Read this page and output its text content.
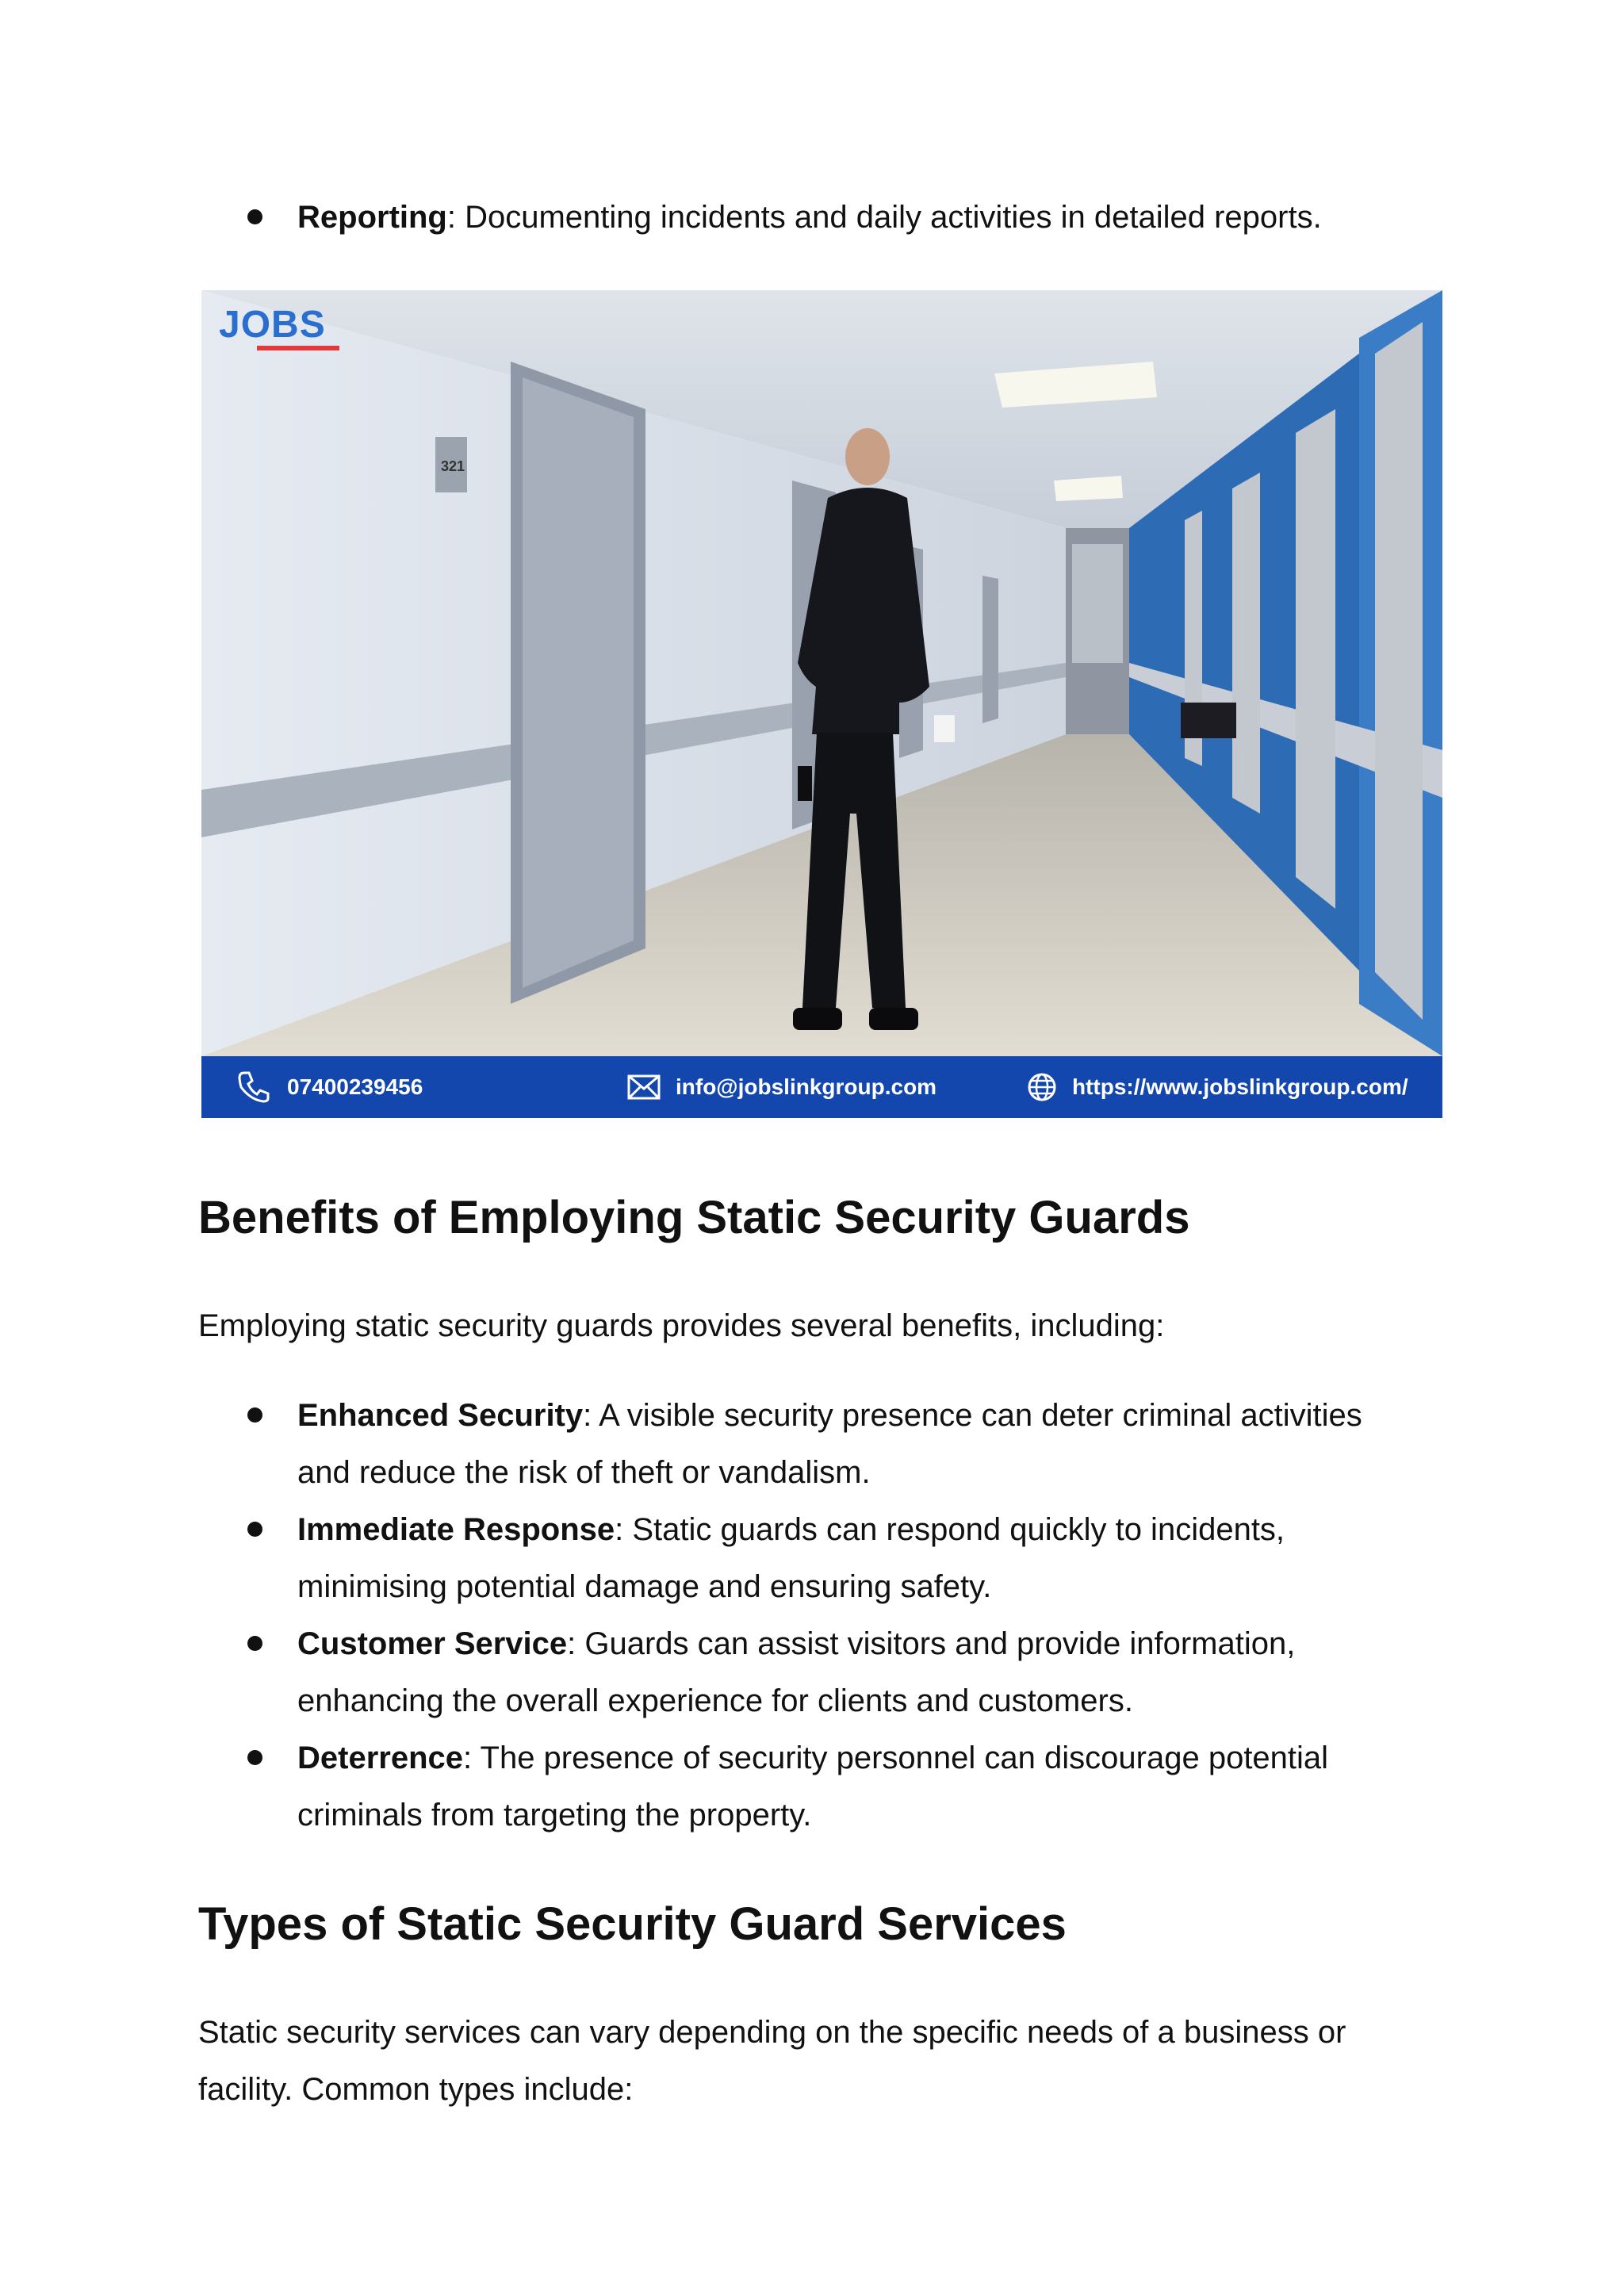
Reporting: Documenting incidents and daily activities in detailed reports.
321
JOBS
07400239456	info@jobslinkgroup.com	https://www.jobslinkgroup.com/
Benefits of Employing Static Security Guards

Employing static security guards provides several benefits, including:

Enhanced Security: A visible security presence can deter criminal activities and reduce the risk of theft or vandalism.
Immediate Response: Static guards can respond quickly to incidents, minimising potential damage and ensuring safety.
Customer Service: Guards can assist visitors and provide information, enhancing the overall experience for clients and customers.
Deterrence: The presence of security personnel can discourage potential criminals from targeting the property.
Types of Static Security Guard Services

Static security services can vary depending on the specific needs of a business or facility. Common types include:
